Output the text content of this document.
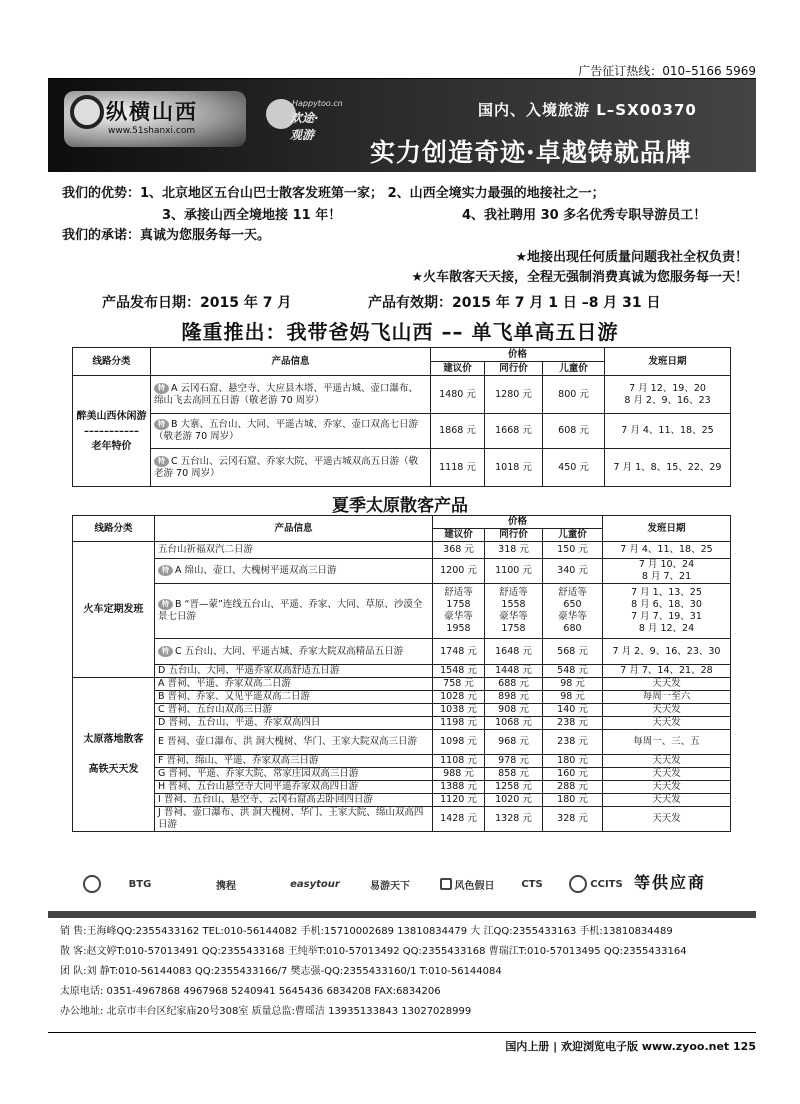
广告征订热线：010–5166 5969
纵横山西
www.51shanxi.com
Happytoo.cn
欢途·观游
国内、入境旅游 L–SX00370
实力创造奇迹·卓越铸就品牌
我们的优势：1、北京地区五台山巴士散客发班第一家； 2、山西全境实力最强的地接社之一；
3、承接山西全境地接 11 年！	4、我社聘用 30 多名优秀专职导游员工！
我们的承诺：真诚为您服务每一天。
★地接出现任何质量问题我社全权负责！
★火车散客天天接，全程无强制消费真诚为您服务每一天！
产品发布日期：2015 年 7 月	产品有效期：2015 年 7 月 1 日 –8 月 31 日
隆重推出：我带爸妈飞山西 –– 单飞单高五日游
线路分类	产品信息	价格			发班日期
		建议价	同行价	儿童价	
醉美山西休闲游
–––––––––––
老年特价	特 A 云冈石窟、悬空寺、大应县木塔、平遥古城、壶口瀑布、绵山飞去高回五日游（敬老游 70 周岁）	1480 元	1280 元	800 元	7 月 12、19、20
8 月 2、9、16、23
	特 B 大寨、五台山、大同、平遥古城、乔家、壶口双高七日游（敬老游 70 周岁）	1868 元	1668 元	608 元	7 月 4、11、18、25
	特 C 五台山、云冈石窟、乔家大院、平遥古城双高五日游（敬老游 70 周岁）	1118 元	1018 元	450 元	7 月 1、8、15、22、29
夏季太原散客产品
线路分类	产品信息	价格			发班日期
		建议价	同行价	儿童价	
火车定期发班	五台山祈福双汽二日游	368 元	318 元	150 元	7 月 4、11、18、25
	特 A 绵山、壶口、大槐树平遥双高三日游	1200 元	1100 元	340 元	7 月 10、24
8 月 7、21
	特 B “晋—蒙”连线五台山、平遥、乔家、大同、草原、沙漠全景七日游	舒适等
1758
豪华等
1958	舒适等
1558
豪华等
1758	舒适等
650
豪华等
680	7 月 1、13、25
8 月 6、18、30
7 月 7、19、31
8 月 12、24
	特 C 五台山、大同、平遥古城、乔家大院双高精品五日游	1748 元	1648 元	568 元	7 月 2、9、16、23、30
	D 五台山、大同、平遥乔家双高舒适五日游	1548 元	1448 元	548 元	7 月 7、14、21、28
太原落地散客

高铁天天发	A 晋祠、平遥、乔家双高二日游	758 元	688 元	98 元	天天发
	B 晋祠、乔家、又见平遥双高二日游	1028 元	898 元	98 元	每周一至六
	C 晋祠、五台山双高三日游	1038 元	908 元	140 元	天天发
	D 晋祠、五台山、平遥、乔家双高四日	1198 元	1068 元	238 元	天天发
	E 晋祠、壶口瀑布、洪 洞大槐树、华门、王家大院双高三日游	1098 元	968 元	238 元	每周一、三、五
	F 晋祠、绵山、平遥、乔家双高三日游	1108 元	978 元	180 元	天天发
	G 晋祠、平遥、乔家大院、常家庄园双高三日游	988 元	858 元	160 元	天天发
	H 晋祠、五台山悬空寺大同平遥乔家双高四日游	1388 元	1258 元	288 元	天天发
	I 晋祠、五台山、悬空寺、云冈石窟高去卧回四日游	1120 元	1020 元	180 元	天天发
	J 晋祠、壶口瀑布、洪 洞大槐树、华门、王家大院、绵山双高四日游	1428 元	1328 元	328 元	天天发
BTG	携程	easytour	易游天下	风色假日	CTS	CCITS 等供应商
销 售:王海峰QQ:2355433162 TEL:010-56144082 手机:15710002689 13810834479 大 江QQ:2355433163 手机:13810834489
散 客:赵文婷T:010-57013491 QQ:2355433168 王纯举T:010-57013492 QQ:2355433168 曹瑞江T:010-57013495 QQ:2355433164
团 队:刘 静T:010-56144083 QQ:2355433166/7 樊志强-QQ:2355433160/1 T:010-56144084
太原电话: 0351-4967868 4967968 5240941 5645436 6834208 FAX:6834206
办公地址: 北京市丰台区纪家庙20号308室 质量总监:曹瑶洁 13935133843 13027028999
国内上册 | 欢迎浏览电子版 www.zyoo.net 125
